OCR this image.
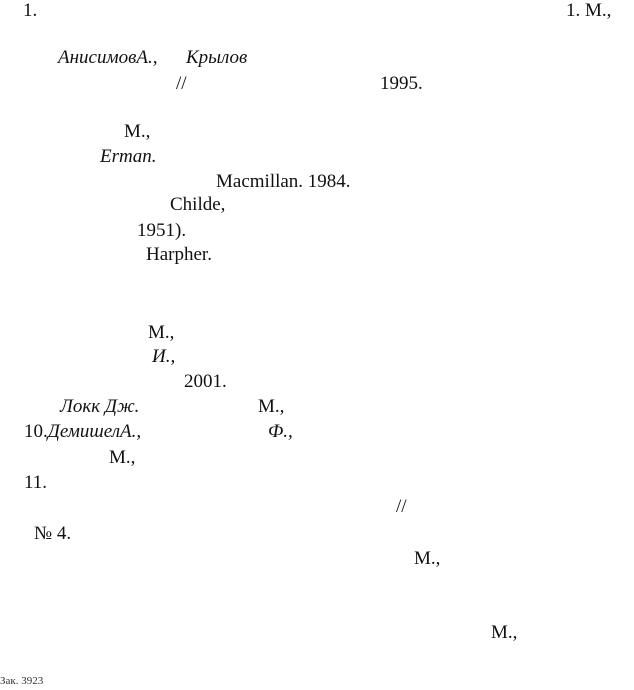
1.	1. М.,
АнисимовА., Крылов
//	1995.
М.,
Erman.
Macmillan. 1984.
Childe,
1951).
Harpher.
М.,
И.,
2001.
Локк Дж.	М.,
10.ДемишелА.,	Ф.,
М.,
11.
//
№ 4.
М.,
М.,
Зак. 3923
